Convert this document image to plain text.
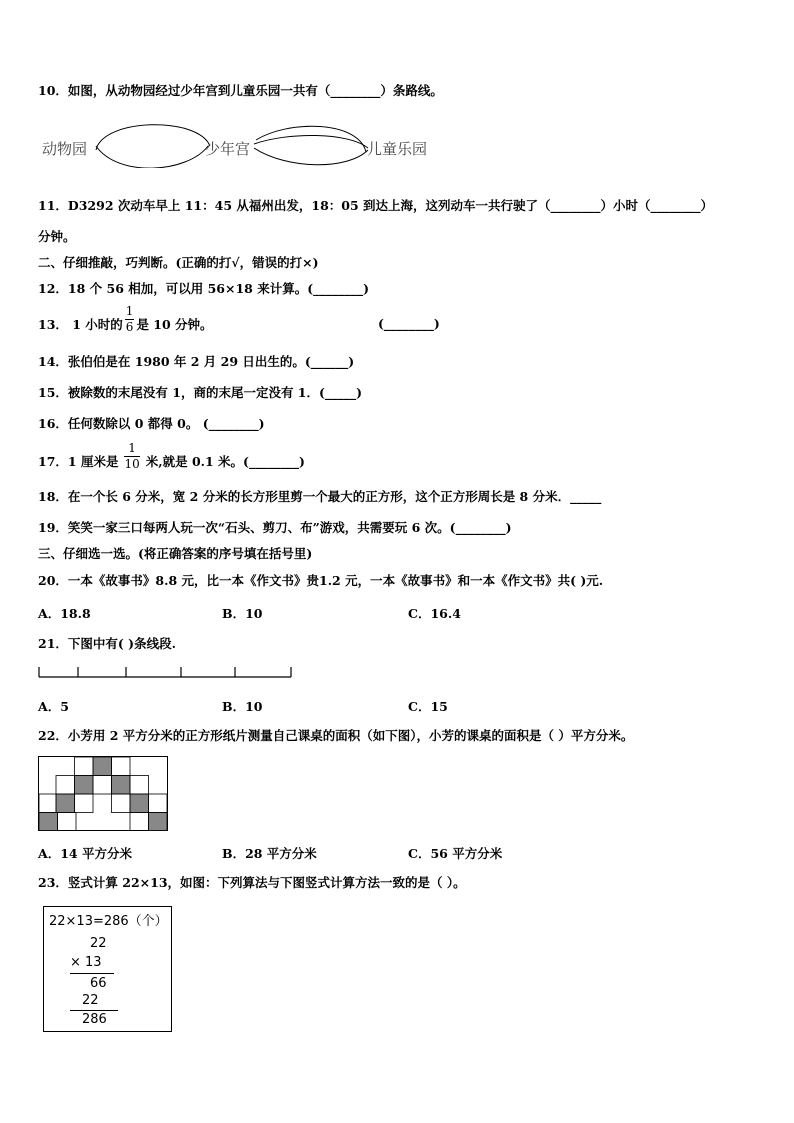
10．如图，从动物园经过少年宫到儿童乐园一共有（________）条路线。
动物园	少年宫	儿童乐园
11．D3292 次动车早上 11：45 从福州出发，18：05 到达上海，这列动车一共行驶了（________）小时（________）
分钟。
二、仔细推敲，巧判断。(正确的打√，错误的打×)
12．18 个 56 相加，可以用 56×18 来计算。(________)
13． 1 小时的 $\frac{1}{6}$ 是 10 分钟。	(________)
14．张伯伯是在 1980 年 2 月 29 日出生的。(______)
15．被除数的末尾没有 1，商的末尾一定没有 1．(_____)
16．任何数除以 0 都得 0。 (________)
17．1 厘米是 $\frac{1}{10}$ 米,就是 0.1 米。(________)
18．在一个长 6 分米，宽 2 分米的长方形里剪一个最大的正方形，这个正方形周长是 8 分米．_____
19．笑笑一家三口每两人玩一次“石头、剪刀、布”游戏，共需要玩 6 次。(________)
三、仔细选一选。(将正确答案的序号填在括号里)
20．一本《故事书》8.8 元，比一本《作文书》贵1.2 元，一本《故事书》和一本《作文书》共( )元.
A．18.8	B．10	C．16.4
21．下图中有( )条线段.
A．5	B．10	C．15
22．小芳用 2 平方分米的正方形纸片测量自己课桌的面积（如下图），小芳的课桌的面积是（ ）平方分米。
A．14 平方分米	B．28 平方分米	C．56 平方分米
23．竖式计算 22×13，如图：下列算法与下图竖式计算方法一致的是（ ）。
22×13=286（个）
22
× 13
66
22
286
